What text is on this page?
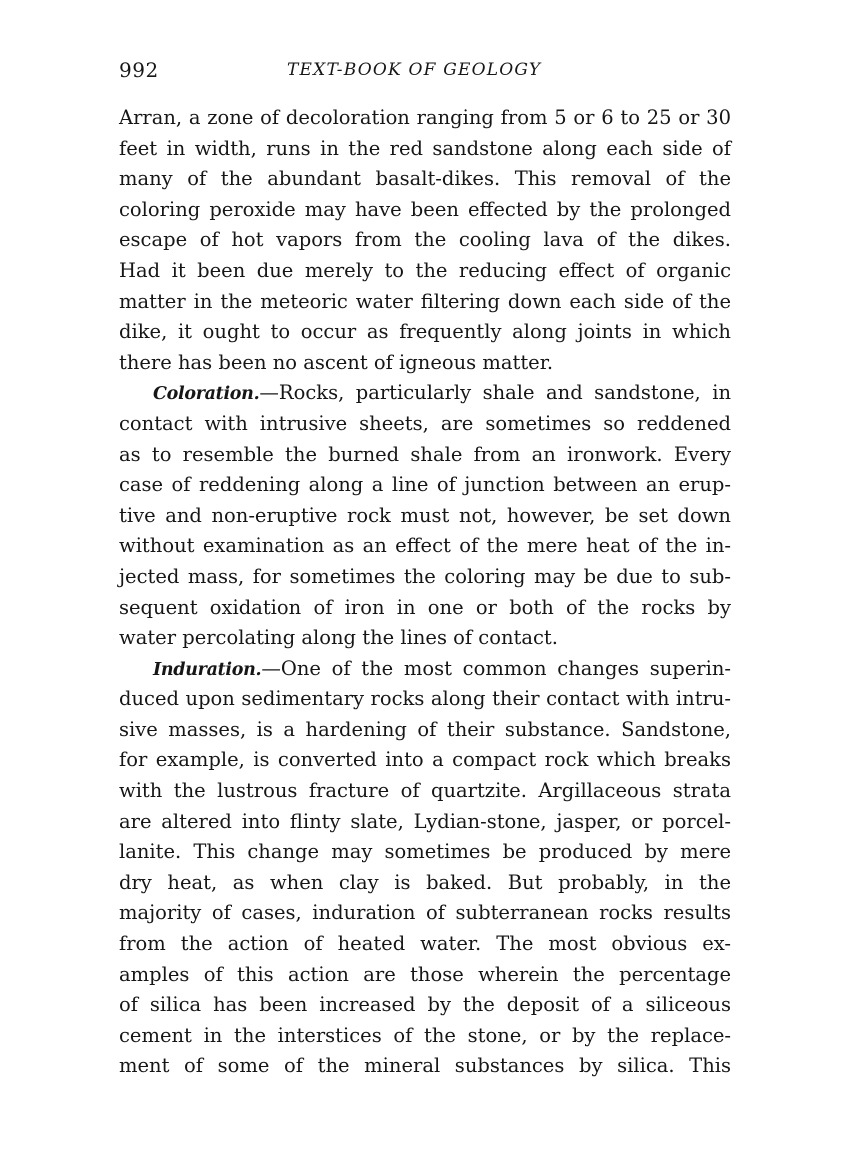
992	TEXT-BOOK OF GEOLOGY
Arran, a zone of decoloration ranging from 5 or 6 to 25 or 30
feet in width, runs in the red sandstone along each side of
many of the abundant basalt-dikes. This removal of the
coloring peroxide may have been effected by the prolonged
escape of hot vapors from the cooling lava of the dikes.
Had it been due merely to the reducing effect of organic
matter in the meteoric water filtering down each side of the
dike, it ought to occur as frequently along joints in which
there has been no ascent of igneous matter.
Coloration.—Rocks, particularly shale and sandstone, in
contact with intrusive sheets, are sometimes so reddened
as to resemble the burned shale from an ironwork. Every
case of reddening along a line of junction between an erup-
tive and non-eruptive rock must not, however, be set down
without examination as an effect of the mere heat of the in-
jected mass, for sometimes the coloring may be due to sub-
sequent oxidation of iron in one or both of the rocks by
water percolating along the lines of contact.
Induration.—One of the most common changes superin-
duced upon sedimentary rocks along their contact with intru-
sive masses, is a hardening of their substance. Sandstone,
for example, is converted into a compact rock which breaks
with the lustrous fracture of quartzite. Argillaceous strata
are altered into flinty slate, Lydian-stone, jasper, or porcel-
lanite. This change may sometimes be produced by mere
dry heat, as when clay is baked. But probably, in the
majority of cases, induration of subterranean rocks results
from the action of heated water. The most obvious ex-
amples of this action are those wherein the percentage
of silica has been increased by the deposit of a siliceous
cement in the interstices of the stone, or by the replace-
ment of some of the mineral substances by silica. This
